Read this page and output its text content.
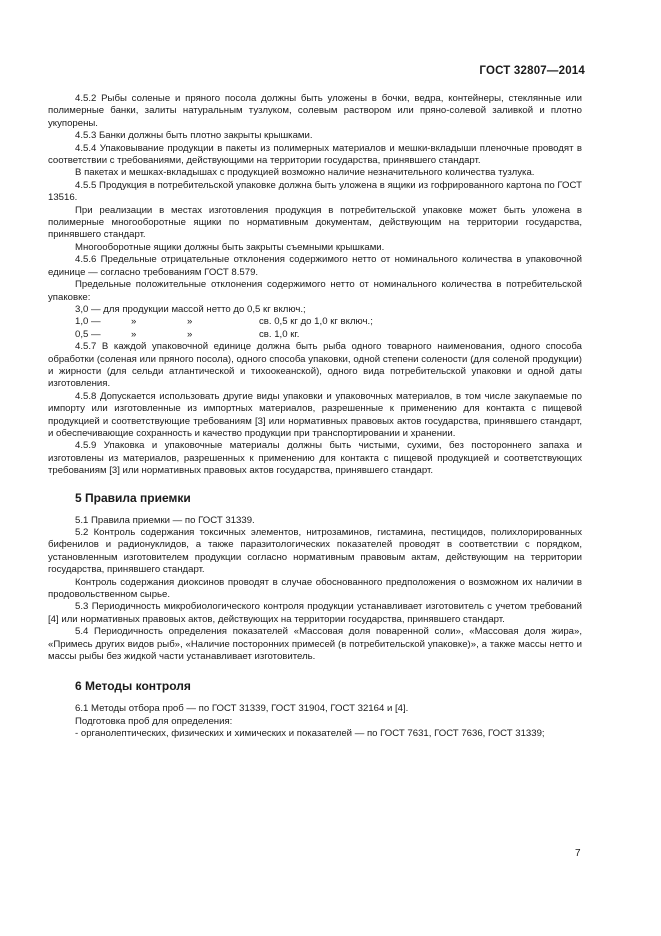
ГОСТ 32807—2014

4.5.2 Рыбы соленые и пряного посола должны быть уложены в бочки, ведра, контейнеры, стеклянные или полимерные банки, залиты натуральным тузлуком, солевым раствором или пряно-солевой заливкой и плотно укупорены.

4.5.3 Банки должны быть плотно закрыты крышками.

4.5.4 Упаковывание продукции в пакеты из полимерных материалов и мешки-вкладыши пленочные проводят в соответствии с требованиями, действующими на территории государства, принявшего стандарт.

В пакетах и мешках-вкладышах с продукцией возможно наличие незначительного количества тузлука.

4.5.5 Продукция в потребительской упаковке должна быть уложена в ящики из гофрированного картона по ГОСТ 13516.

При реализации в местах изготовления продукция в потребительской упаковке может быть уложена в полимерные многооборотные ящики по нормативным документам, действующим на территории государства, принявшего стандарт.

Многооборотные ящики должны быть закрыты съемными крышками.

4.5.6 Предельные отрицательные отклонения содержимого нетто от номинального количества в упаковочной единице — согласно требованиям ГОСТ 8.579.

Предельные положительные отклонения содержимого нетто от номинального количества в потребительской упаковке:

3,0 — для продукции массой нетто до 0,5 кг включ.;
1,0 —	»	»	св. 0,5 кг до 1,0 кг включ.;
0,5 —	»	»	св. 1,0 кг.

4.5.7 В каждой упаковочной единице должна быть рыба одного товарного наименования, одного способа обработки (соленая или пряного посола), одного способа упаковки, одной степени солености (для соленой продукции) и жирности (для сельди атлантической и тихоокеанской), одного вида потребительской упаковки и одной даты изготовления.

4.5.8 Допускается использовать другие виды упаковки и упаковочных материалов, в том числе закупаемые по импорту или изготовленные из импортных материалов, разрешенные к применению для контакта с пищевой продукцией и соответствующие требованиям [3] или нормативных правовых актов государства, принявшего стандарт, и обеспечивающие сохранность и качество продукции при транспортировании и хранении.

4.5.9 Упаковка и упаковочные материалы должны быть чистыми, сухими, без постороннего запаха и изготовлены из материалов, разрешенных к применению для контакта с пищевой продукцией и соответствующих требованиям [3] или нормативных правовых актов государства, принявшего стандарт.

5 Правила приемки

5.1 Правила приемки — по ГОСТ 31339.

5.2 Контроль содержания токсичных элементов, нитрозаминов, гистамина, пестицидов, полихлорированных бифенилов и радионуклидов, а также паразитологических показателей проводят в соответствии с порядком, установленным изготовителем продукции согласно нормативным правовым актам, действующим на территории государства, принявшего стандарт.

Контроль содержания диоксинов проводят в случае обоснованного предположения о возможном их наличии в продовольственном сырье.

5.3 Периодичность микробиологического контроля продукции устанавливает изготовитель с учетом требований [4] или нормативных правовых актов, действующих на территории государства, принявшего стандарт.

5.4 Периодичность определения показателей «Массовая доля поваренной соли», «Массовая доля жира», «Примесь других видов рыб», «Наличие посторонних примесей (в потребительской упаковке)», а также массы нетто и массы рыбы без жидкой части устанавливает изготовитель.

6 Методы контроля

6.1 Методы отбора проб — по ГОСТ 31339, ГОСТ 31904, ГОСТ 32164 и [4].

Подготовка проб для определения:

- органолептических, физических и химических и показателей — по ГОСТ 7631, ГОСТ 7636, ГОСТ 31339;

7
